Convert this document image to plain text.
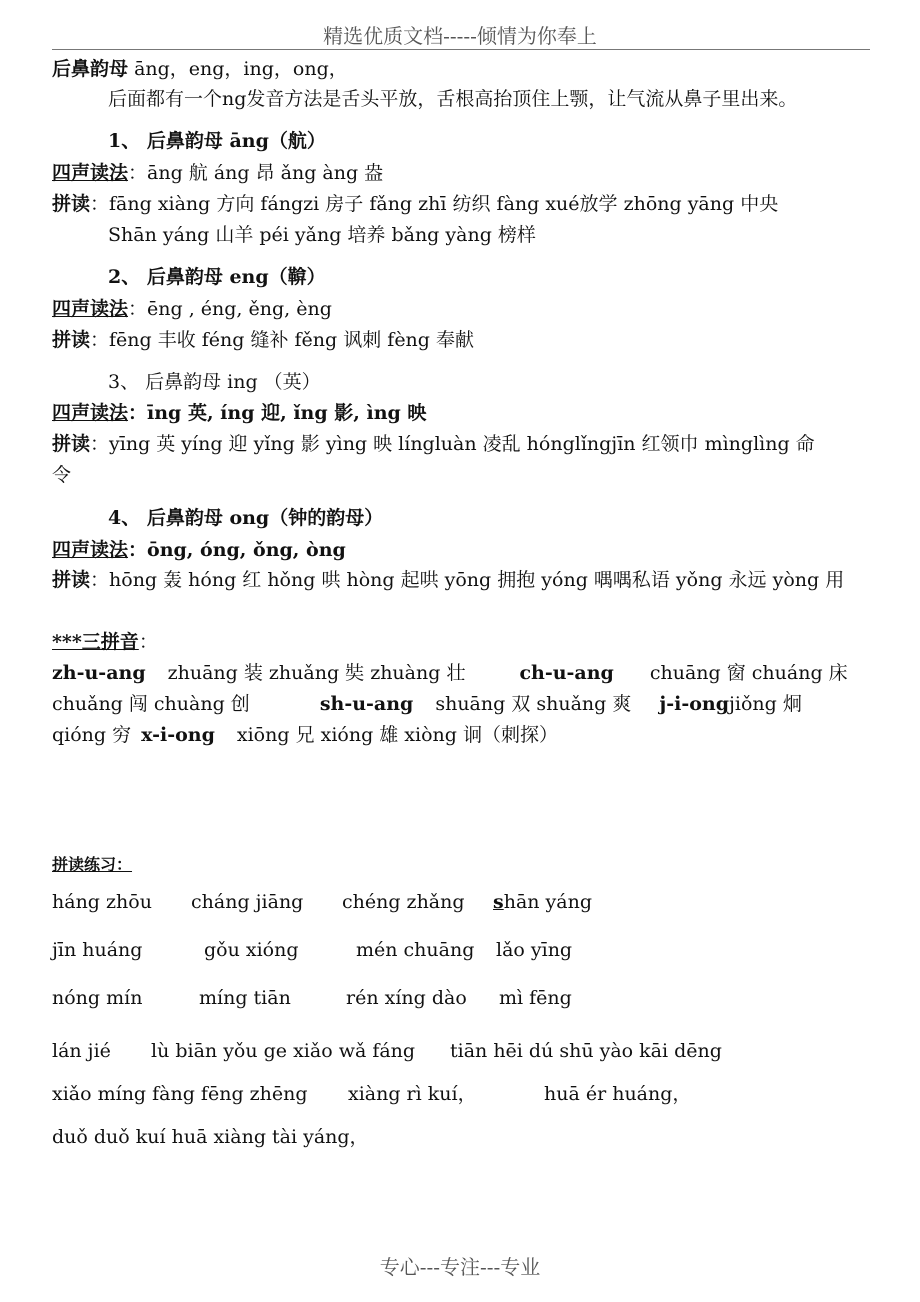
精选优质文档-----倾情为你奉上
后鼻韵母 āng，eng，ing，ong，
后面都有一个ng发音方法是舌头平放，舌根高抬顶住上颚，让气流从鼻子里出来。
1、 后鼻韵母 āng（航）
四声读法：āng 航 áng 昂 ǎng àng 盎
拼读：fāng xiàng 方向 fángzi 房子 fǎng zhī 纺织 fàng xué放学 zhōng yāng 中央
Shān yáng 山羊 péi yǎng 培养 bǎng yàng 榜样
2、 后鼻韵母 eng（鞥）
四声读法：ēng , éng, ěng, èng
拼读：fēng 丰收 féng 缝补 fěng 讽刺 fèng 奉献
3、 后鼻韵母 ing （英）
四声读法：īng 英, íng 迎, ǐng 影, ìng 映
拼读：yīng 英 yíng 迎 yǐng 影 yìng 映 língluàn 凌乱 hónglǐngjīn 红领巾 mìnglìng 命
令
4、 后鼻韵母 ong（钟的韵母）
四声读法：ōng, óng, ǒng, òng
拼读：hōng 轰 hóng 红 hǒng 哄 hòng 起哄 yōng 拥抱 yóng 喁喁私语 yǒng 永远 yòng 用
***三拼音：
zh-u-ang zhuāng 装 zhuǎng 奘 zhuàng 壮	ch-u-ang chuāng 窗 chuáng 床
chuǎng 闯 chuàng 创	sh-u-ang shuāng 双 shuǎng 爽 j-i-ongjiǒng 炯
qióng 穷 x-i-ong xiōng 兄 xióng 雄 xiòng 诇（刺探）
拼读练习：
háng zhōu cháng jiāng chéng zhǎng shān yáng
jīn huáng	gǒu xióng	mén chuāng lǎo yīng
nóng mín	míng tiān	rén xíng dào mì fēng
lán jié lù biān yǒu ge xiǎo wǎ fáng tiān hēi dú shū yào kāi dēng
xiǎo míng fàng fēng zhēng xiàng rì kuí，	huā ér huáng，
duǒ duǒ kuí huā xiàng tài yáng，
专心---专注---专业
